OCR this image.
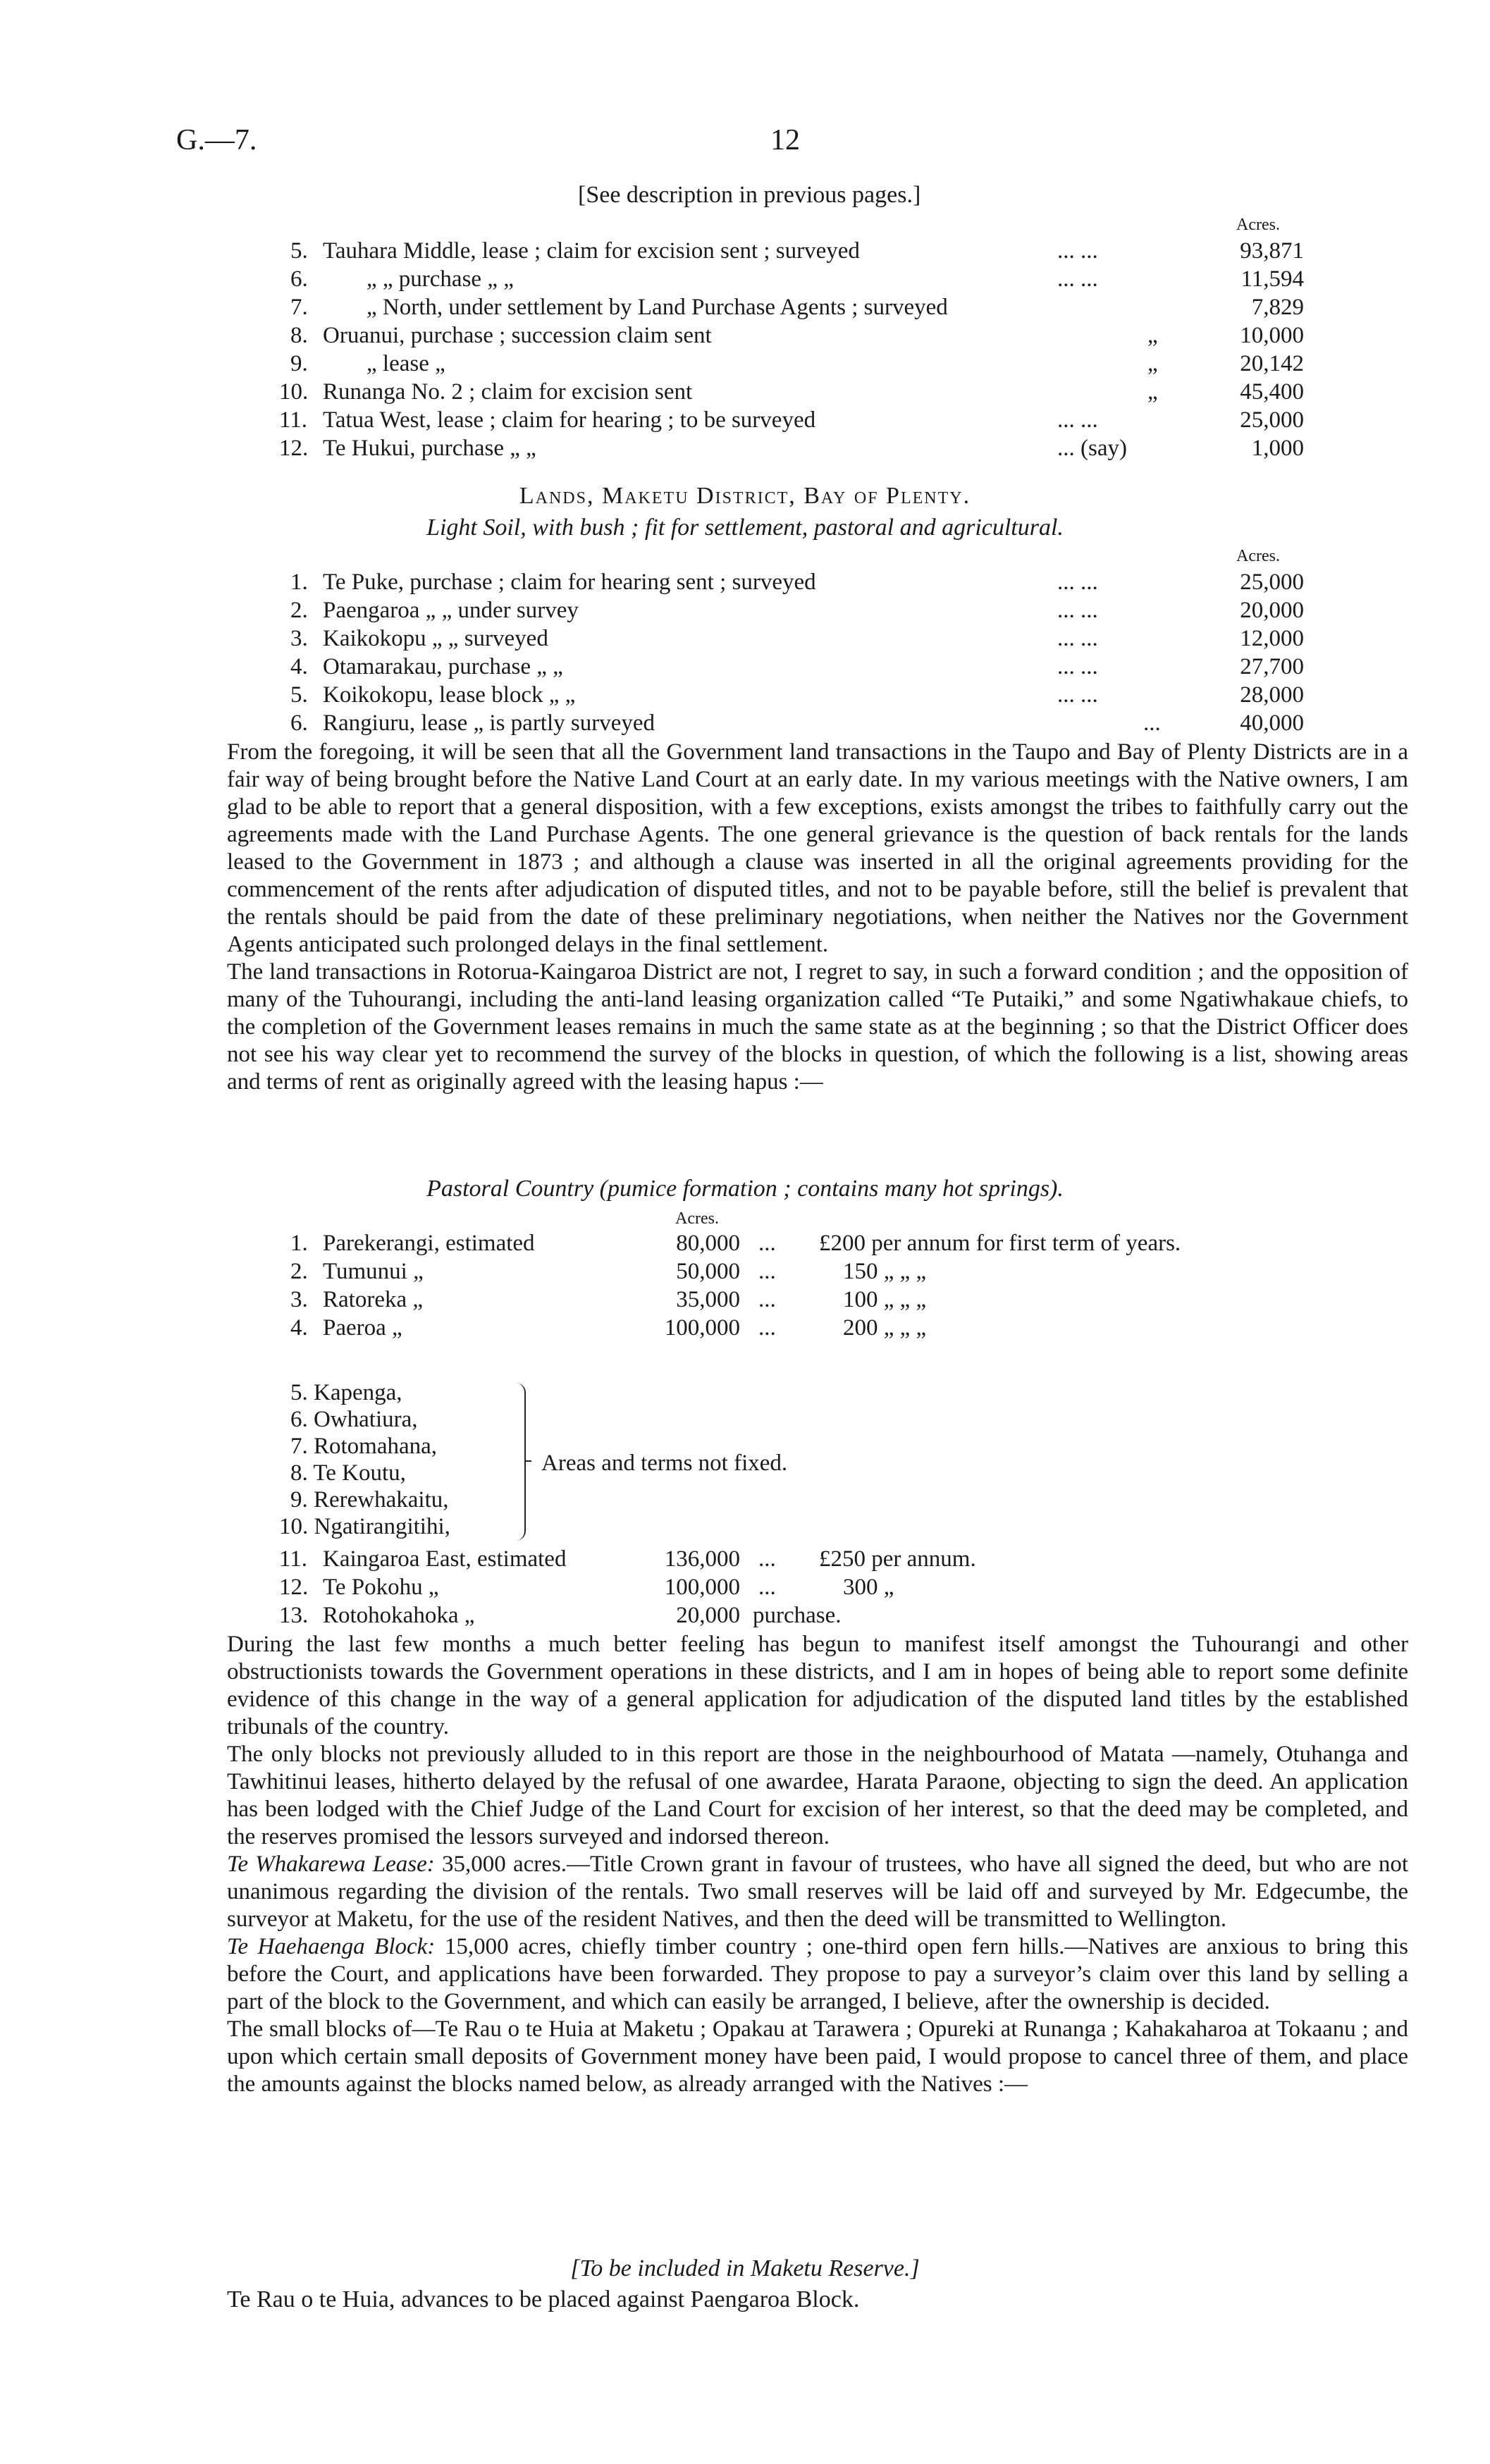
G.—7.	12
[See description in previous pages.]
Acres.
5. Tauhara Middle, lease ; claim for excision sent ; surveyed	... ...	93,871
6.	„ „ purchase „ „	... ...	11,594
7.	„ North, under settlement by Land Purchase Agents ; surveyed	7,829
8. Oruanui, purchase ; succession claim sent	„	10,000
9.	„ lease „	„	20,142
10. Runanga No. 2 ; claim for excision sent	„	45,400
11. Tatua West, lease ; claim for hearing ; to be surveyed	... ...	25,000
12. Te Hukui, purchase „ „	... (say)	1,000
Lands, Maketu District, Bay of Plenty.
Light Soil, with bush ; fit for settlement, pastoral and agricultural.
Acres.
1. Te Puke, purchase ; claim for hearing sent ; surveyed	... ...	25,000
2. Paengaroa „ „ under survey	... ...	20,000
3. Kaikokopu „ „ surveyed	... ...	12,000
4. Otamarakau, purchase „ „	... ...	27,700
5. Koikokopu, lease block „ „	... ...	28,000
6. Rangiuru, lease „ is partly surveyed	...	40,000

From the foregoing, it will be seen that all the Government land transactions in the Taupo and Bay of Plenty Districts are in a fair way of being brought before the Native Land Court at an early date. In my various meetings with the Native owners, I am glad to be able to report that a general disposition, with a few exceptions, exists amongst the tribes to faithfully carry out the agreements made with the Land Purchase Agents. The one general grievance is the question of back rentals for the lands leased to the Government in 1873 ; and although a clause was inserted in all the original agreements providing for the commencement of the rents after adjudication of disputed titles, and not to be payable before, still the belief is prevalent that the rentals should be paid from the date of these preliminary negotiations, when neither the Natives nor the Government Agents anticipated such prolonged delays in the final settlement.

The land transactions in Rotorua-Kaingaroa District are not, I regret to say, in such a forward condition ; and the opposition of many of the Tuhourangi, including the anti-land leasing organization called “Te Putaiki,” and some Ngatiwhakaue chiefs, to the completion of the Government leases remains in much the same state as at the beginning ; so that the District Officer does not see his way clear yet to recommend the survey of the blocks in question, of which the following is a list, showing areas and terms of rent as originally agreed with the leasing hapus :—

Pastoral Country (pumice formation ; contains many hot springs).
Acres.
1. Parekerangi, estimated	80,000 ... £200 per annum for first term of years.
2. Tumunui „	50,000 ...	150 „ „ „
3. Ratoreka „	35,000 ...	100 „ „ „
4. Paeroa „	100,000 ...	200 „ „ „
5. Kapenga,
6. Owhatiura,
7. Rotomahana,
8. Te Koutu,
9. Rerewhakaitu,
10. Ngatirangitihi,
Areas and terms not fixed.
11. Kaingaroa East, estimated	136,000 ... £250 per annum.
12. Te Pokohu „	100,000 ...	300 „
13. Rotohokahoka „	20,000 purchase.

During the last few months a much better feeling has begun to manifest itself amongst the Tuhourangi and other obstructionists towards the Government operations in these districts, and I am in hopes of being able to report some definite evidence of this change in the way of a general application for adjudication of the disputed land titles by the established tribunals of the country.

The only blocks not previously alluded to in this report are those in the neighbourhood of Matata —namely, Otuhanga and Tawhitinui leases, hitherto delayed by the refusal of one awardee, Harata Paraone, objecting to sign the deed. An application has been lodged with the Chief Judge of the Land Court for excision of her interest, so that the deed may be completed, and the reserves promised the lessors surveyed and indorsed thereon.

Te Whakarewa Lease: 35,000 acres.—Title Crown grant in favour of trustees, who have all signed the deed, but who are not unanimous regarding the division of the rentals. Two small reserves will be laid off and surveyed by Mr. Edgecumbe, the surveyor at Maketu, for the use of the resident Natives, and then the deed will be transmitted to Wellington.

Te Haehaenga Block: 15,000 acres, chiefly timber country ; one-third open fern hills.—Natives are anxious to bring this before the Court, and applications have been forwarded. They propose to pay a surveyor’s claim over this land by selling a part of the block to the Government, and which can easily be arranged, I believe, after the ownership is decided.

The small blocks of—Te Rau o te Huia at Maketu ; Opakau at Tarawera ; Opureki at Runanga ; Kahakaharoa at Tokaanu ; and upon which certain small deposits of Government money have been paid, I would propose to cancel three of them, and place the amounts against the blocks named below, as already arranged with the Natives :—

[To be included in Maketu Reserve.]
Te Rau o te Huia, advances to be placed against Paengaroa Block.
